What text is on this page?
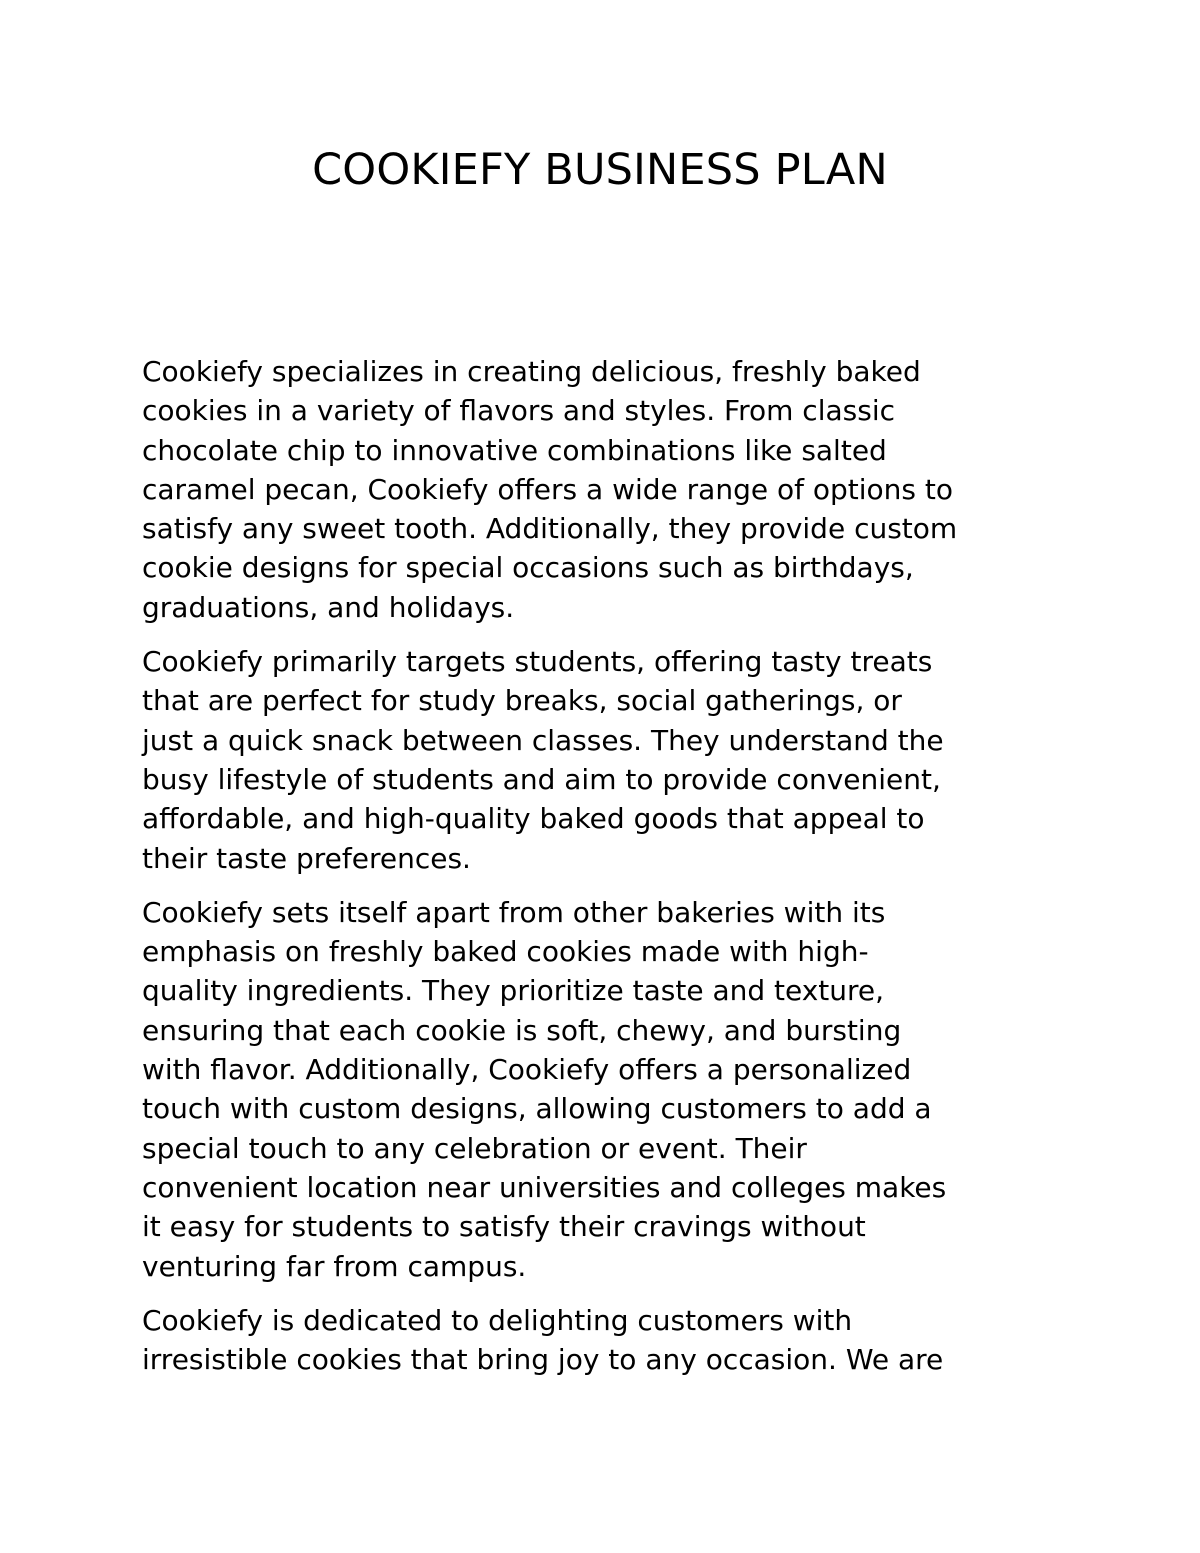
COOKIEFY BUSINESS PLAN

Cookiefy specializes in creating delicious, freshly baked
cookies in a variety of flavors and styles. From classic
chocolate chip to innovative combinations like salted
caramel pecan, Cookiefy offers a wide range of options to
satisfy any sweet tooth. Additionally, they provide custom
cookie designs for special occasions such as birthdays,
graduations, and holidays.

Cookiefy primarily targets students, offering tasty treats
that are perfect for study breaks, social gatherings, or
just a quick snack between classes. They understand the
busy lifestyle of students and aim to provide convenient,
affordable, and high-quality baked goods that appeal to
their taste preferences.

Cookiefy sets itself apart from other bakeries with its
emphasis on freshly baked cookies made with high-
quality ingredients. They prioritize taste and texture,
ensuring that each cookie is soft, chewy, and bursting
with flavor. Additionally, Cookiefy offers a personalized
touch with custom designs, allowing customers to add a
special touch to any celebration or event. Their
convenient location near universities and colleges makes
it easy for students to satisfy their cravings without
venturing far from campus.

Cookiefy is dedicated to delighting customers with
irresistible cookies that bring joy to any occasion. We are
